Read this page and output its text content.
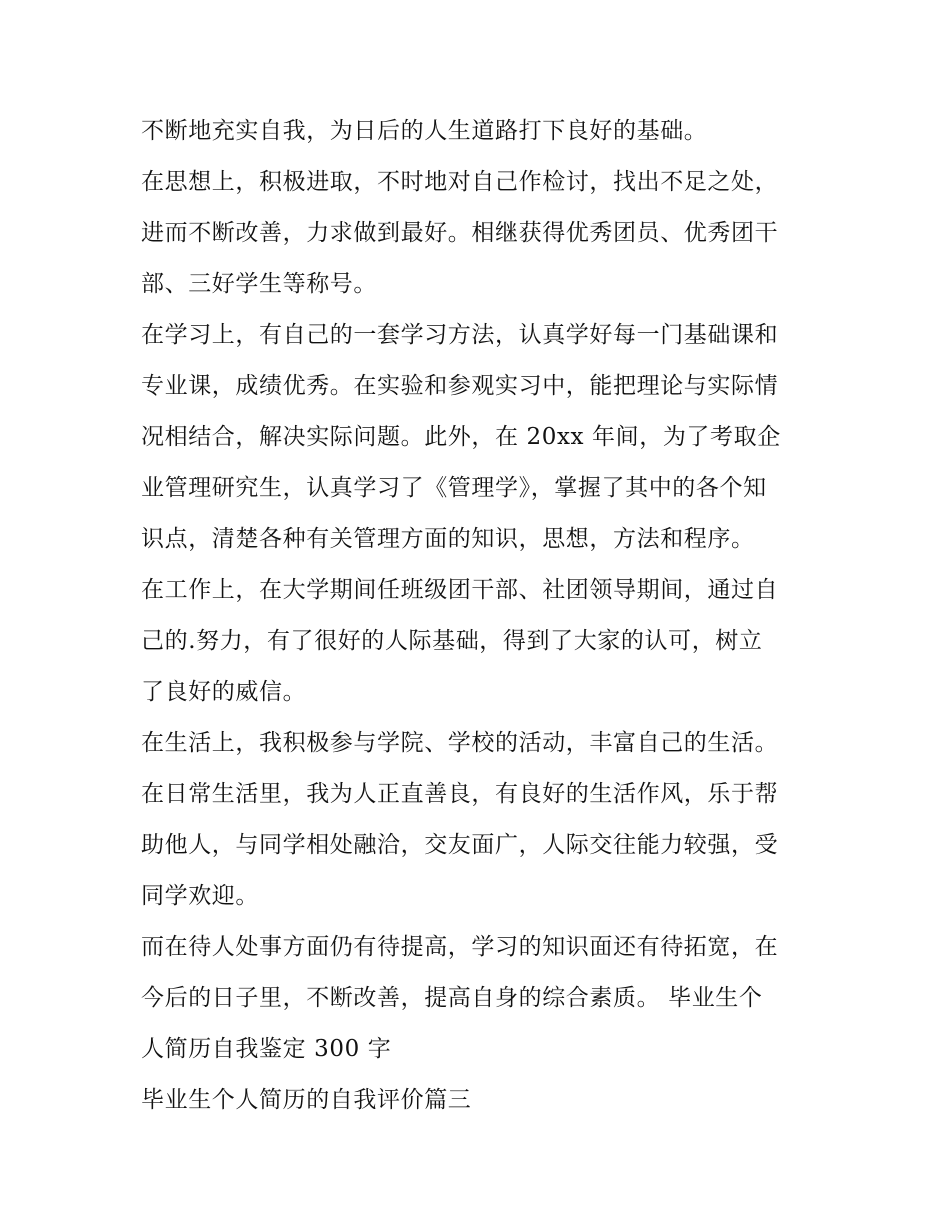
不断地充实自我，为日后的人生道路打下良好的基础。
在思想上，积极进取，不时地对自己作检讨，找出不足之处，
进而不断改善，力求做到最好。相继获得优秀团员、优秀团干
部、三好学生等称号。
在学习上，有自己的一套学习方法，认真学好每一门基础课和
专业课，成绩优秀。在实验和参观实习中，能把理论与实际情
况相结合，解决实际问题。此外，在 20xx 年间，为了考取企
业管理研究生，认真学习了《管理学》，掌握了其中的各个知
识点，清楚各种有关管理方面的知识，思想，方法和程序。
在工作上，在大学期间任班级团干部、社团领导期间，通过自
己的.努力，有了很好的人际基础，得到了大家的认可，树立
了良好的威信。
在生活上，我积极参与学院、学校的活动，丰富自己的生活。
在日常生活里，我为人正直善良，有良好的生活作风，乐于帮
助他人，与同学相处融洽，交友面广，人际交往能力较强，受
同学欢迎。
而在待人处事方面仍有待提高，学习的知识面还有待拓宽，在
今后的日子里，不断改善，提高自身的综合素质。 毕业生个
人简历自我鉴定 300 字
毕业生个人简历的自我评价篇三
